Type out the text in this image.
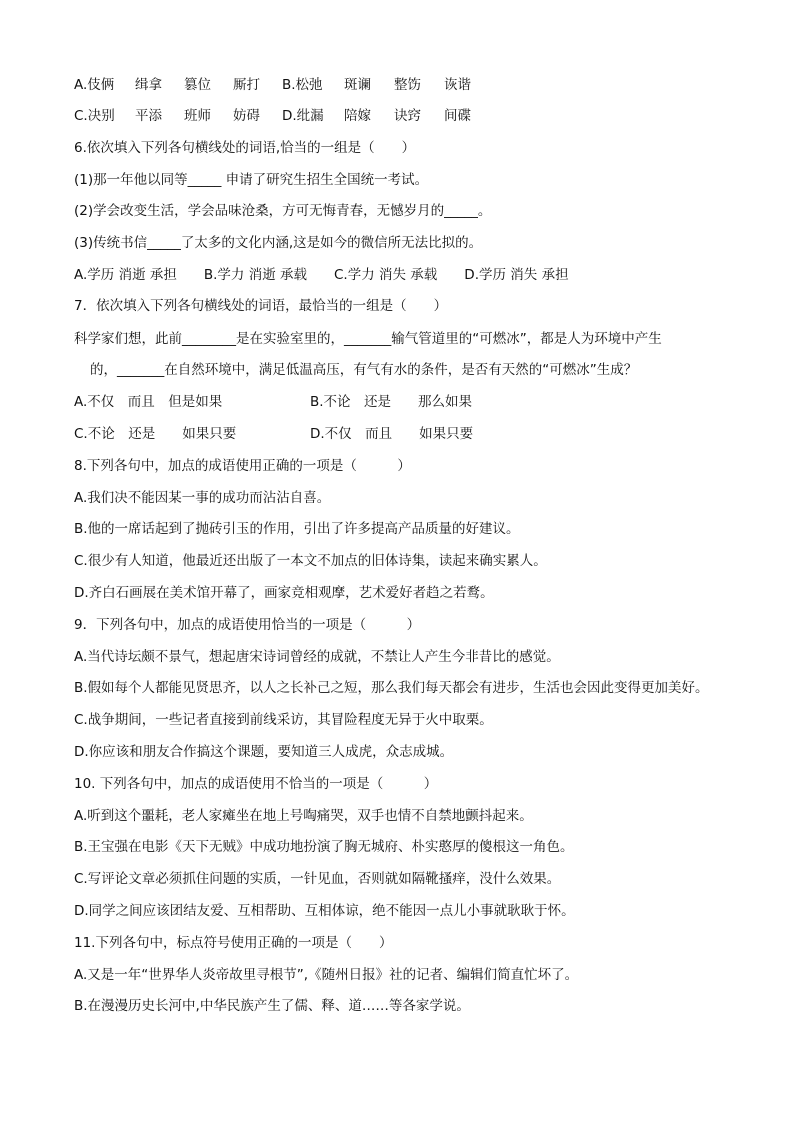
A.伎俩 缉拿 篡位 厮打 B.松弛 斑谰 整饬 诙谐
C.决别 平添 班师 妨碍 D.纰漏 陪嫁 诀窍 间碟
6.依次填入下列各句横线处的词语,恰当的一组是（　　）
(1)那一年他以同等_____ 申请了研究生招生全国统一考试。
(2)学会改变生活，学会品味沧桑，方可无悔青春，无憾岁月的_____。
(3)传统书信_____了太多的文化内涵,这是如今的微信所无法比拟的。
A.学历 消逝 承担　　B.学力 消逝 承载　　C.学力 消失 承载　　D.学历 消失 承担
7．依次填入下列各句横线处的词语，最恰当的一组是（　　）
科学家们想，此前________是在实验室里的，_______输气管道里的“可燃冰”，都是人为环境中产生
的，_______在自然环境中，满足低温高压，有气有水的条件，是否有天然的“可燃冰”生成？
A.不仅　而且　但是如果	B.不论　还是　　那么如果
C.不论　还是　　如果只要	D.不仅　而且　　如果只要
8.下列各句中，加点的成语使用正确的一项是（　　　）
A.我们决不能因某一事的成功而沾沾自喜。
B.他的一席话起到了抛砖引玉的作用，引出了许多提高产品质量的好建议。
C.很少有人知道，他最近还出版了一本文不加点的旧体诗集，读起来确实累人。
D.齐白石画展在美术馆开幕了，画家竞相观摩，艺术爱好者趋之若鹜。
9．下列各句中，加点的成语使用恰当的一项是（　　　）
A.当代诗坛颇不景气，想起唐宋诗词曾经的成就，不禁让人产生今非昔比的感觉。
B.假如每个人都能见贤思齐，以人之长补己之短，那么我们每天都会有进步，生活也会因此变得更加美好。
C.战争期间，一些记者直接到前线采访，其冒险程度无异于火中取栗。
D.你应该和朋友合作搞这个课题，要知道三人成虎，众志成城。
10. 下列各句中，加点的成语使用不恰当的一项是（　　　）
A.听到这个噩耗，老人家瘫坐在地上号啕痛哭，双手也情不自禁地颤抖起来。
B.王宝强在电影《天下无贼》中成功地扮演了胸无城府、朴实憨厚的傻根这一角色。
C.写评论文章必须抓住问题的实质，一针见血，否则就如隔靴搔痒，没什么效果。
D.同学之间应该团结友爱、互相帮助、互相体谅，绝不能因一点儿小事就耿耿于怀。
11.下列各句中，标点符号使用正确的一项是（　　）
A.又是一年“世界华人炎帝故里寻根节”,《随州日报》社的记者、编辑们简直忙坏了。
B.在漫漫历史长河中,中华民族产生了儒、释、道……等各家学说。
